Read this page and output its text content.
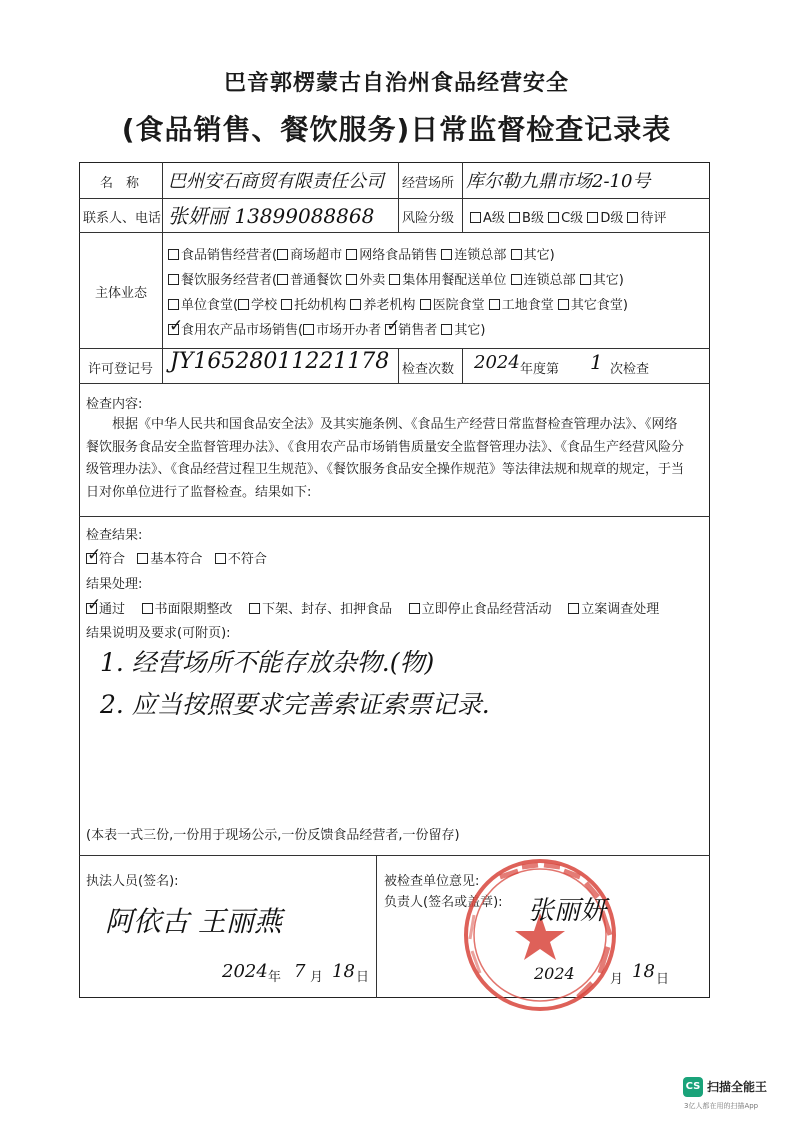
巴音郭楞蒙古自治州食品经营安全
(食品销售、餐饮服务)日常监督检查记录表
名　称 巴州安石商贸有限责任公司 经营场所 库尔勒九鼎市场2-10号
联系人、电话 张妍丽 13899088868 风险分级	A级 B级 C级 D级 待评
主体业态
食品销售经营者( 商场超市 网络食品销售 连锁总部 其它)
餐饮服务经营者( 普通餐饮 外卖 集体用餐配送单位 连锁总部 其它)
单位食堂( 学校 托幼机构 养老机构 医院食堂 工地食堂 其它食堂)
✓食用农产品市场销售( 市场开办者 ✓ 销售者 其它)
许可登记号 JY16528011221178 检查次数 2024 年度第 1 次检查
检查内容:
根据《中华人民共和国食品安全法》及其实施条例、《食品生产经营日常监督检查管理办法》、《网络餐饮服务食品安全监督管理办法》、《食用农产品市场销售质量安全监督管理办法》、《食品生产经营风险分级管理办法》、《食品经营过程卫生规范》、《餐饮服务食品安全操作规范》等法律法规和规章的规定，于当日对你单位进行了监督检查。结果如下:
检查结果:
✓符合 基本符合 不符合
结果处理:
✓通过 书面限期整改 下架、封存、扣押食品 立即停止食品经营活动 立案调查处理
结果说明及要求(可附页):
1. 经营场所不能存放杂物.(物)
2. 应当按照要求完善索证索票记录.
(本表一式三份,一份用于现场公示,一份反馈食品经营者,一份留存)
执法人员(签名):
阿依古 王丽燕
2024 年 7 月 18 日
被检查单位意见:
负责人(签名或盖章): 张丽妍
2024	月 18 日
CS 扫描全能王
3亿人都在用的扫描App
